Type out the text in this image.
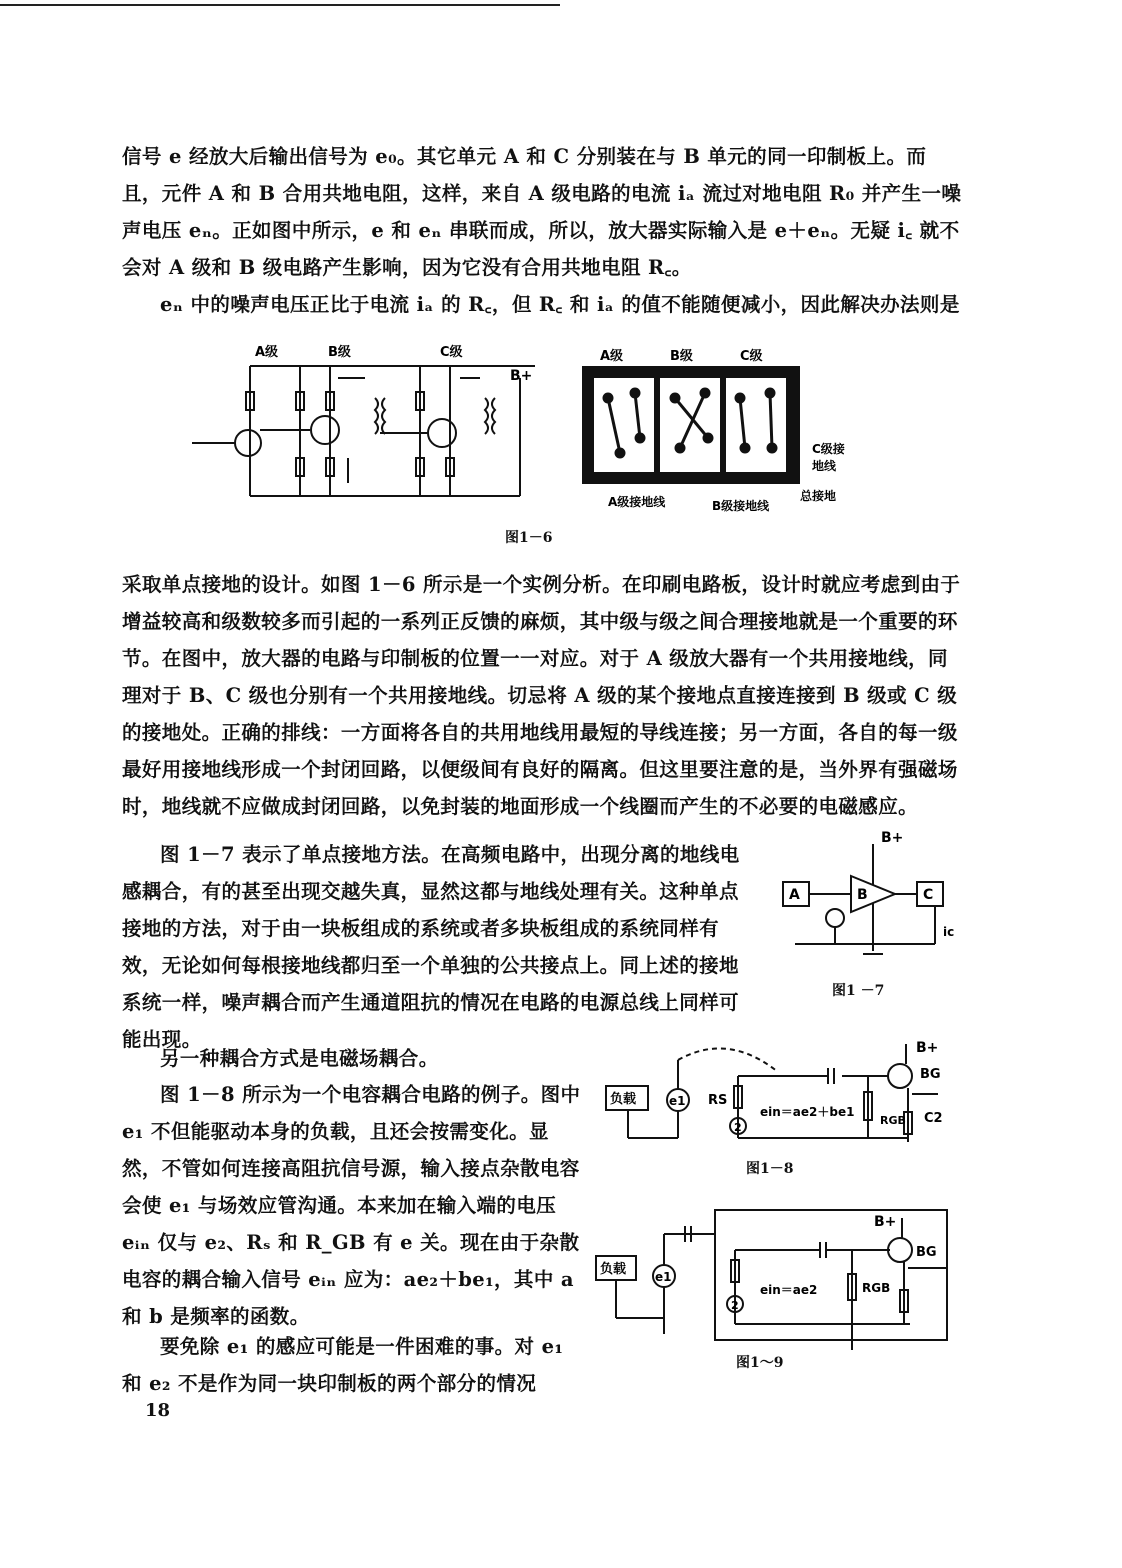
信号 e 经放大后输出信号为 e₀。其它单元 A 和 C 分别装在与 B 单元的同一印制板上。而且，元件 A 和 B 合用共地电阻，这样，来自 A 级电路的电流 iₐ 流过对地电阻 R₀ 并产生一噪声电压 eₙ。正如图中所示，e 和 eₙ 串联而成，所以，放大器实际输入是 e＋eₙ。无疑 i꜀ 就不会对 A 级和 B 级电路产生影响，因为它没有合用共地电阻 R꜀。
eₙ 中的噪声电压正比于电流 iₐ 的 R꜀，但 R꜀ 和 iₐ 的值不能随便减小，因此解决办法则是
A级	B级	C级
B+
A级	B级	C级
C级接
地线
A级接地线	B级接地线
总接地
图1－6
采取单点接地的设计。如图 1－6 所示是一个实例分析。在印刷电路板，设计时就应考虑到由于增益较高和级数较多而引起的一系列正反馈的麻烦，其中级与级之间合理接地就是一个重要的环节。在图中，放大器的电路与印制板的位置一一对应。对于 A 级放大器有一个共用接地线，同理对于 B、C 级也分别有一个共用接地线。切忌将 A 级的某个接地点直接连接到 B 级或 C 级的接地处。正确的排线：一方面将各自的共用地线用最短的导线连接；另一方面，各自的每一级最好用接地线形成一个封闭回路，以便级间有良好的隔离。但这里要注意的是，当外界有强磁场时，地线就不应做成封闭回路，以免封装的地面形成一个线圈而产生的不必要的电磁感应。
图 1－7 表示了单点接地方法。在高频电路中，出现分离的地线电感耦合，有的甚至出现交越失真，显然这都与地线处理有关。这种单点接地的方法，对于由一块板组成的系统或者多块板组成的系统同样有效，无论如何每根接地线都归至一个单独的公共接点上。同上述的接地系统一样，噪声耦合而产生通道阻抗的情况在电路的电源总线上同样可能出现。
B+
A	B	C
ic
图1 －7
另一种耦合方式是电磁场耦合。
图 1－8 所示为一个电容耦合电路的例子。图中 e₁ 不但能驱动本身的负载，且还会按需变化。显然，不管如何连接高阻抗信号源，输入接点杂散电容会使 e₁ 与场效应管沟通。本来加在输入端的电压 eᵢₙ 仅与 e₂、Rₛ 和 R_GB 有 e 关。现在由于杂散电容的耦合输入信号 eᵢₙ 应为：ae₂＋be₁，其中 a 和 b 是频率的函数。
要免除 e₁ 的感应可能是一件困难的事。对 e₁ 和 e₂ 不是作为同一块印制板的两个部分的情况
B+
负载	e1 RS
2
ein＝ae2＋be1
RGB
BG
C2
图1－8
B+
负载 e1
2
ein＝ae2	RGB
BG
图1～9
18
